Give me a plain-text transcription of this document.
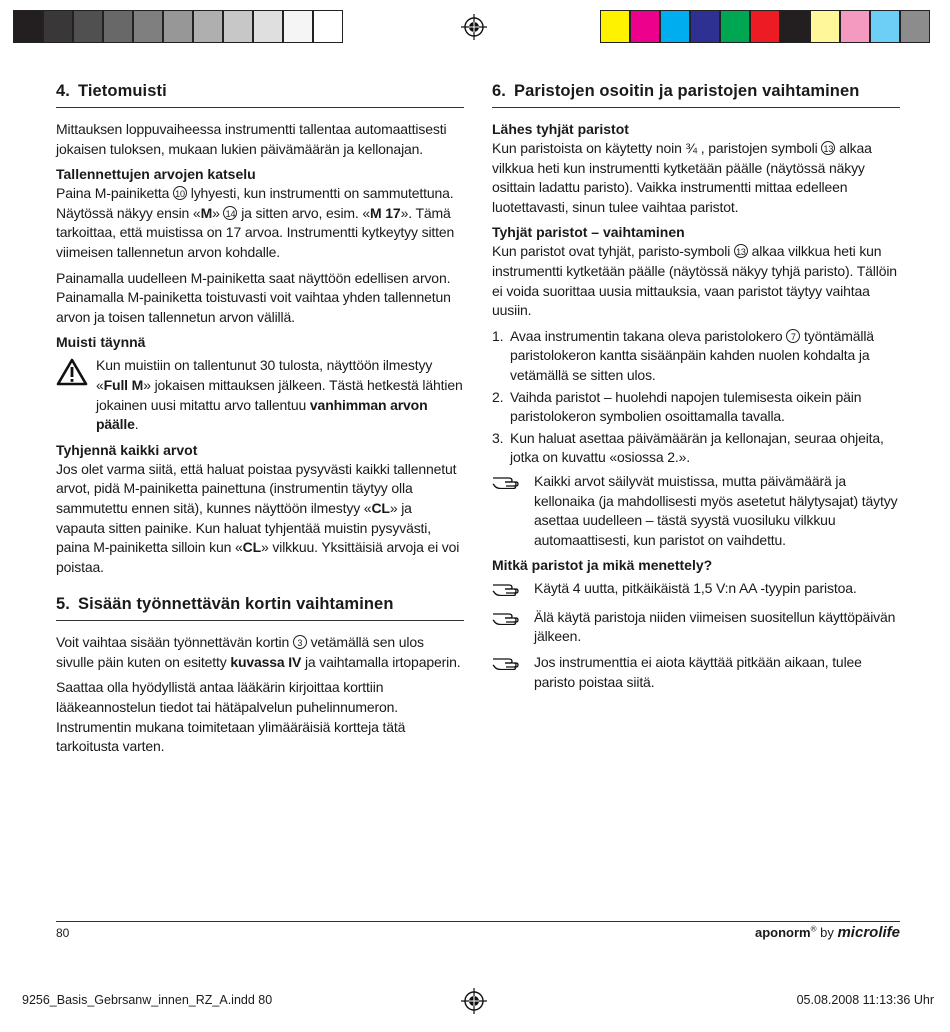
4. Tietomuisti

Mittauksen loppuvaiheessa instrumentti tallentaa automaattisesti jokaisen tuloksen, mukaan lukien päivämäärän ja kellonajan.

Tallennettujen arvojen katselu

Paina M-painiketta 10 lyhyesti, kun instrumentti on sammutettuna. Näytössä näkyy ensin «M» 14 ja sitten arvo, esim. «M 17». Tämä tarkoittaa, että muistissa on 17 arvoa. Instrumentti kytkeytyy sitten viimeisen tallennetun arvon kohdalle.

Painamalla uudelleen M-painiketta saat näyttöön edellisen arvon. Painamalla M-painiketta toistuvasti voit vaihtaa yhden tallennetun arvon ja toisen tallennetun arvon välillä.

Muisti täynnä

Kun muistiin on tallentunut 30 tulosta, näyttöön ilmestyy «Full M» jokaisen mittauksen jälkeen. Tästä hetkestä lähtien jokainen uusi mitattu arvo tallentuu vanhimman arvon päälle.

Tyhjennä kaikki arvot

Jos olet varma siitä, että haluat poistaa pysyvästi kaikki tallennetut arvot, pidä M-painiketta painettuna (instrumentin täytyy olla sammutettu ennen sitä), kunnes näyttöön ilmestyy «CL» ja vapauta sitten painike. Kun haluat tyhjentää muistin pysyvästi, paina M-painiketta silloin kun «CL» vilkkuu. Yksittäisiä arvoja ei voi poistaa.

5. Sisään työnnettävän kortin vaihtaminen

Voit vaihtaa sisään työnnettävän kortin 3 vetämällä sen ulos sivulle päin kuten on esitetty kuvassa IV ja vaihtamalla irtopaperin.

Saattaa olla hyödyllistä antaa lääkärin kirjoittaa korttiin lääkeannostelun tiedot tai hätäpalvelun puhelinnumeron. Instrumentin mukana toimitetaan ylimääräisiä kortteja tätä tarkoitusta varten.

6. Paristojen osoitin ja paristojen vaihtaminen
Lähes tyhjät paristot

Kun paristoista on käytetty noin ¾ , paristojen symboli 13 alkaa vilkkua heti kun instrumentti kytketään päälle (näytössä näkyy osittain ladattu paristo). Vaikka instrumentti mittaa edelleen luotettavasti, sinun tulee vaihtaa paristot.

Tyhjät paristot – vaihtaminen

Kun paristot ovat tyhjät, paristo-symboli 13 alkaa vilkkua heti kun instrumentti kytketään päälle (näytössä näkyy tyhjä paristo). Tällöin ei voida suorittaa uusia mittauksia, vaan paristot täytyy vaihtaa uusiin.

1. Avaa instrumentin takana oleva paristolokero 7 työntämällä paristolokeron kantta sisäänpäin kahden nuolen kohdalta ja vetämällä se sitten ulos.
2. Vaihda paristot – huolehdi napojen tulemisesta oikein päin paristolokeron symbolien osoittamalla tavalla.
3. Kun haluat asettaa päivämäärän ja kellonajan, seuraa ohjeita, jotka on kuvattu «osiossa 2.».
Kaikki arvot säilyvät muistissa, mutta päivämäärä ja kellonaika (ja mahdollisesti myös asetetut hälytysajat) täytyy asettaa uudelleen – tästä syystä vuosiluku vilkkuu automaattisesti, kun paristot on vaihdettu.
Mitkä paristot ja mikä menettely?
Käytä 4 uutta, pitkäikäistä 1,5 V:n AA -tyypin paristoa.
Älä käytä paristoja niiden viimeisen suositellun käyttöpäivän jälkeen.
Jos instrumenttia ei aiota käyttää pitkään aikaan, tulee paristo poistaa siitä.
80	aponorm® by microlife
9256_Basis_Gebrsanw_innen_RZ_A.indd 80	05.08.2008 11:13:36 Uhr
